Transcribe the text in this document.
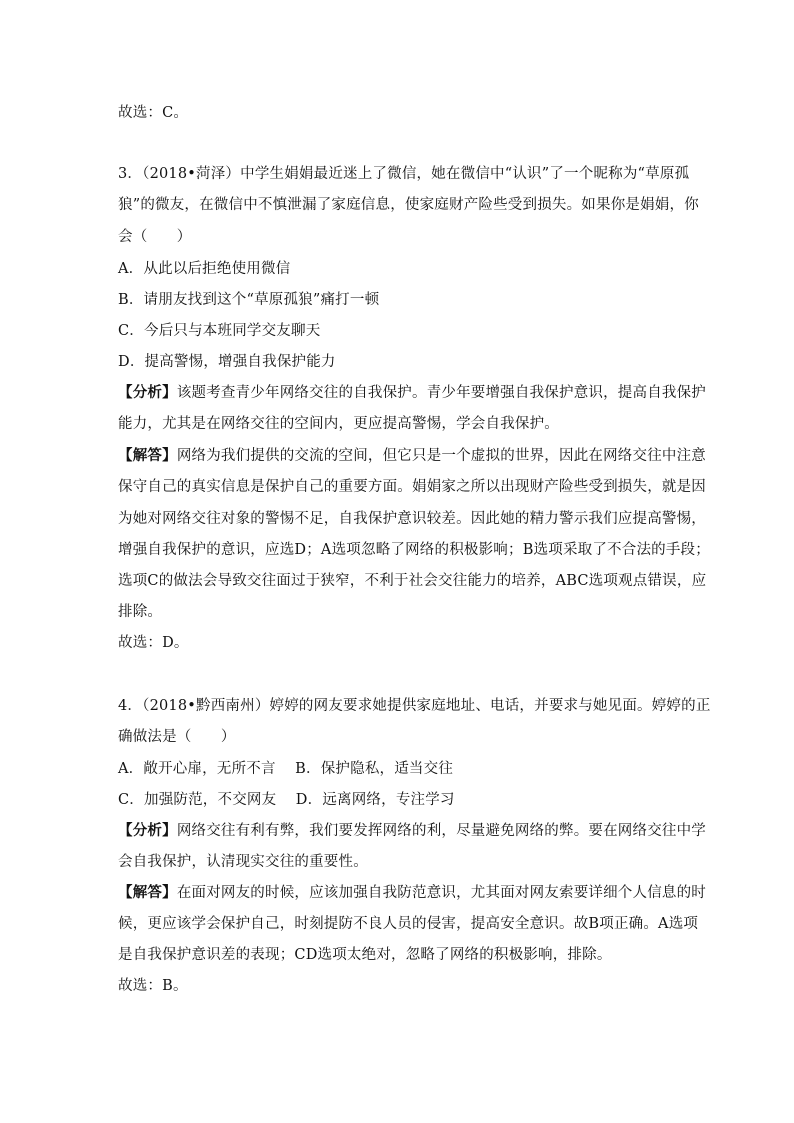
故选：C。
3．（2018•菏泽）中学生娟娟最近迷上了微信，她在微信中“认识”了一个昵称为“草原孤
狼”的微友，在微信中不慎泄漏了家庭信息，使家庭财产险些受到损失。如果你是娟娟，你
会（　　）
A．从此以后拒绝使用微信
B．请朋友找到这个“草原孤狼”痛打一顿
C．今后只与本班同学交友聊天
D．提高警惕，增强自我保护能力
【分析】该题考查青少年网络交往的自我保护。青少年要增强自我保护意识，提高自我保护
能力，尤其是在网络交往的空间内，更应提高警惕，学会自我保护。
【解答】网络为我们提供的交流的空间，但它只是一个虚拟的世界，因此在网络交往中注意
保守自己的真实信息是保护自己的重要方面。娟娟家之所以出现财产险些受到损失，就是因
为她对网络交往对象的警惕不足，自我保护意识较差。因此她的精力警示我们应提高警惕，
增强自我保护的意识，应选D；A选项忽略了网络的积极影响；B选项采取了不合法的手段；
选项C的做法会导致交往面过于狭窄，不利于社会交往能力的培养，ABC选项观点错误，应
排除。
故选：D。
4．（2018•黔西南州）婷婷的网友要求她提供家庭地址、电话，并要求与她见面。婷婷的正
确做法是（　　）
A．敞开心扉，无所不言　 B．保护隐私，适当交往
C．加强防范，不交网友　 D．远离网络，专注学习
【分析】网络交往有利有弊，我们要发挥网络的利，尽量避免网络的弊。要在网络交往中学
会自我保护，认清现实交往的重要性。
【解答】在面对网友的时候，应该加强自我防范意识，尤其面对网友索要详细个人信息的时
候，更应该学会保护自己，时刻提防不良人员的侵害，提高安全意识。故B项正确。A选项
是自我保护意识差的表现；CD选项太绝对，忽略了网络的积极影响，排除。
故选：B。
